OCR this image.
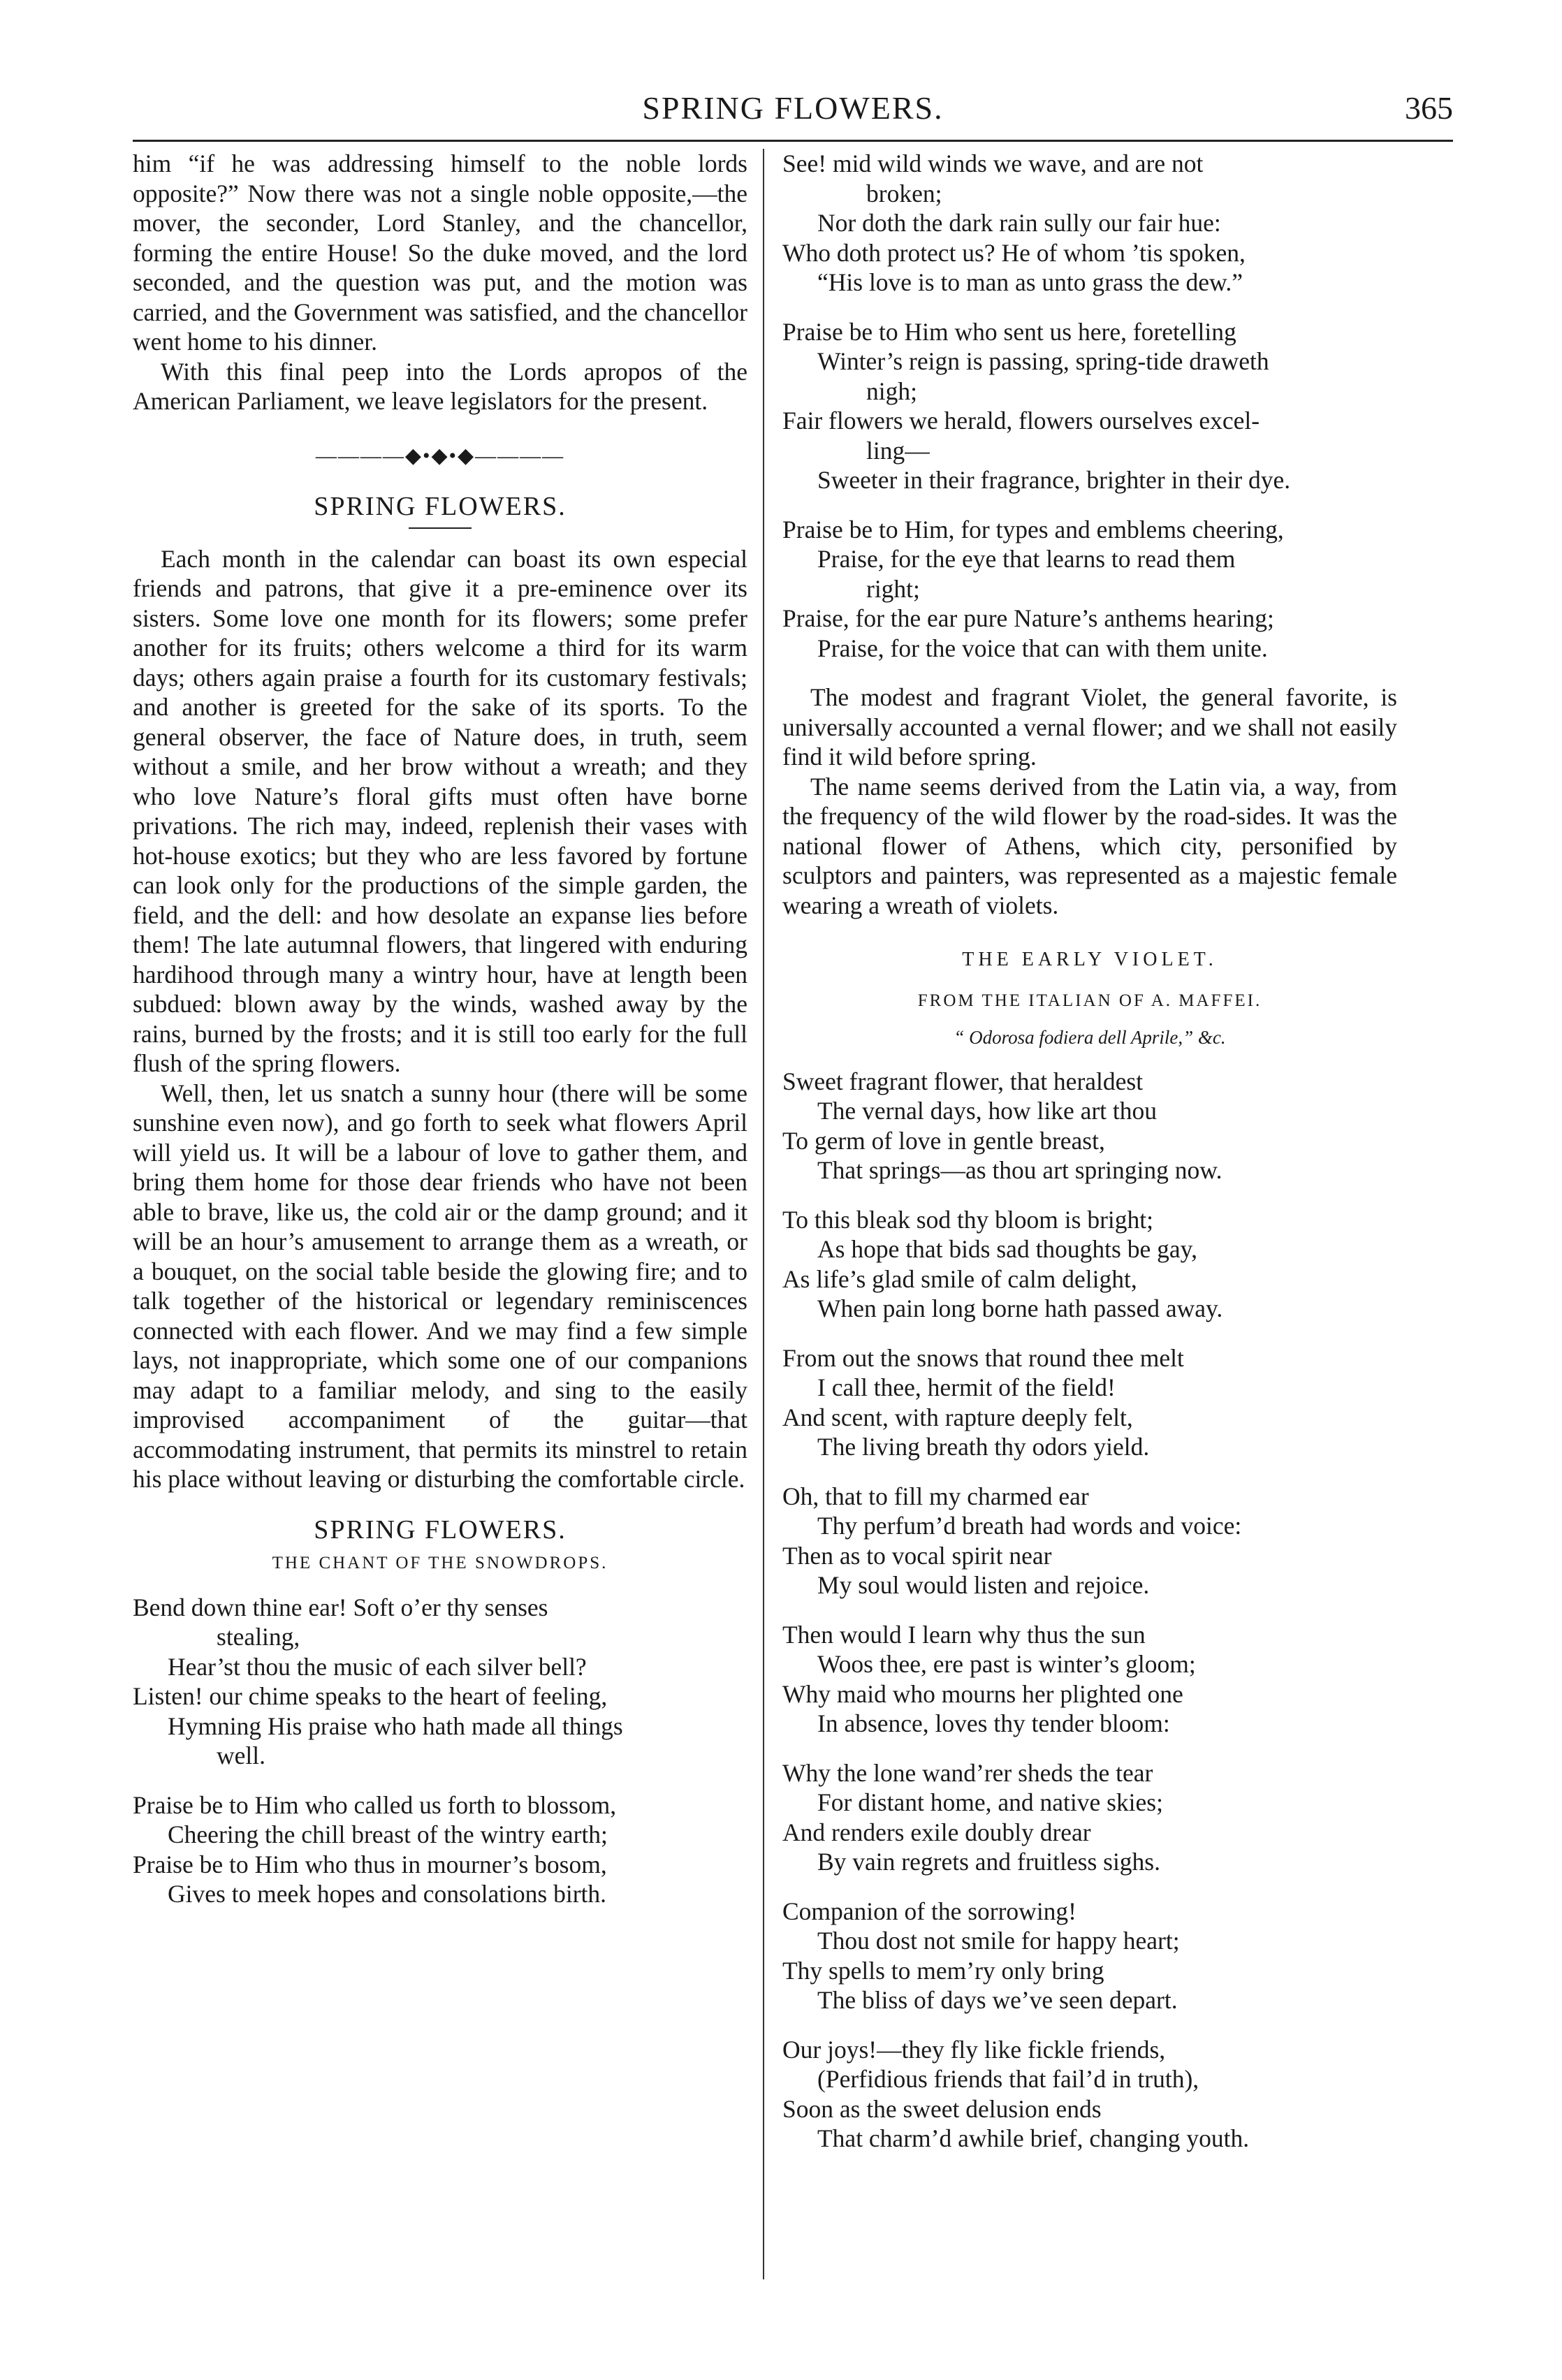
SPRING FLOWERS.	365

him “if he was addressing himself to the noble lords opposite?” Now there was not a single noble opposite,—the mover, the seconder, Lord Stanley, and the chancellor, forming the entire House! So the duke moved, and the lord seconded, and the question was put, and the motion was carried, and the Government was satisfied, and the chancellor went home to his dinner.

With this final peep into the Lords apropos of the American Parliament, we leave legislators for the present.

————◆•◆•◆————
SPRING FLOWERS.

Each month in the calendar can boast its own especial friends and patrons, that give it a pre-eminence over its sisters. Some love one month for its flowers; some prefer another for its fruits; others welcome a third for its warm days; others again praise a fourth for its customary festivals; and another is greeted for the sake of its sports. To the general observer, the face of Nature does, in truth, seem without a smile, and her brow without a wreath; and they who love Nature’s floral gifts must often have borne privations. The rich may, indeed, replenish their vases with hot-house exotics; but they who are less favored by fortune can look only for the productions of the simple garden, the field, and the dell: and how desolate an expanse lies before them! The late autumnal flowers, that lingered with enduring hardihood through many a wintry hour, have at length been subdued: blown away by the winds, washed away by the rains, burned by the frosts; and it is still too early for the full flush of the spring flowers.

Well, then, let us snatch a sunny hour (there will be some sunshine even now), and go forth to seek what flowers April will yield us. It will be a labour of love to gather them, and bring them home for those dear friends who have not been able to brave, like us, the cold air or the damp ground; and it will be an hour’s amusement to arrange them as a wreath, or a bouquet, on the social table beside the glowing fire; and to talk together of the historical or legendary reminiscences connected with each flower. And we may find a few simple lays, not inappropriate, which some one of our companions may adapt to a familiar melody, and sing to the easily improvised accompaniment of the guitar—that accommodating instrument, that permits its minstrel to retain his place without leaving or disturbing the comfortable circle.

SPRING FLOWERS.
THE CHANT OF THE SNOWDROPS.
Bend down thine ear! Soft o’er thy senses
stealing,
Hear’st thou the music of each silver bell?
Listen! our chime speaks to the heart of feeling,
Hymning His praise who hath made all things
well.
Praise be to Him who called us forth to blossom,
Cheering the chill breast of the wintry earth;
Praise be to Him who thus in mourner’s bosom,
Gives to meek hopes and consolations birth.
See! mid wild winds we wave, and are not
broken;
Nor doth the dark rain sully our fair hue:
Who doth protect us? He of whom ’tis spoken,
“His love is to man as unto grass the dew.”
Praise be to Him who sent us here, foretelling
Winter’s reign is passing, spring-tide draweth
nigh;
Fair flowers we herald, flowers ourselves excel-
ling—
Sweeter in their fragrance, brighter in their dye.
Praise be to Him, for types and emblems cheering,
Praise, for the eye that learns to read them
right;
Praise, for the ear pure Nature’s anthems hearing;
Praise, for the voice that can with them unite.

The modest and fragrant Violet, the general favorite, is universally accounted a vernal flower; and we shall not easily find it wild before spring.

The name seems derived from the Latin via, a way, from the frequency of the wild flower by the road-sides. It was the national flower of Athens, which city, personified by sculptors and painters, was represented as a majestic female wearing a wreath of violets.

THE EARLY VIOLET.
FROM THE ITALIAN OF A. MAFFEI.
“ Odorosa fodiera dell Aprile,” &c.
Sweet fragrant flower, that heraldest
The vernal days, how like art thou
To germ of love in gentle breast,
That springs—as thou art springing now.
To this bleak sod thy bloom is bright;
As hope that bids sad thoughts be gay,
As life’s glad smile of calm delight,
When pain long borne hath passed away.
From out the snows that round thee melt
I call thee, hermit of the field!
And scent, with rapture deeply felt,
The living breath thy odors yield.
Oh, that to fill my charmed ear
Thy perfum’d breath had words and voice:
Then as to vocal spirit near
My soul would listen and rejoice.
Then would I learn why thus the sun
Woos thee, ere past is winter’s gloom;
Why maid who mourns her plighted one
In absence, loves thy tender bloom:
Why the lone wand’rer sheds the tear
For distant home, and native skies;
And renders exile doubly drear
By vain regrets and fruitless sighs.
Companion of the sorrowing!
Thou dost not smile for happy heart;
Thy spells to mem’ry only bring
The bliss of days we’ve seen depart.
Our joys!—they fly like fickle friends,
(Perfidious friends that fail’d in truth),
Soon as the sweet delusion ends
That charm’d awhile brief, changing youth.
